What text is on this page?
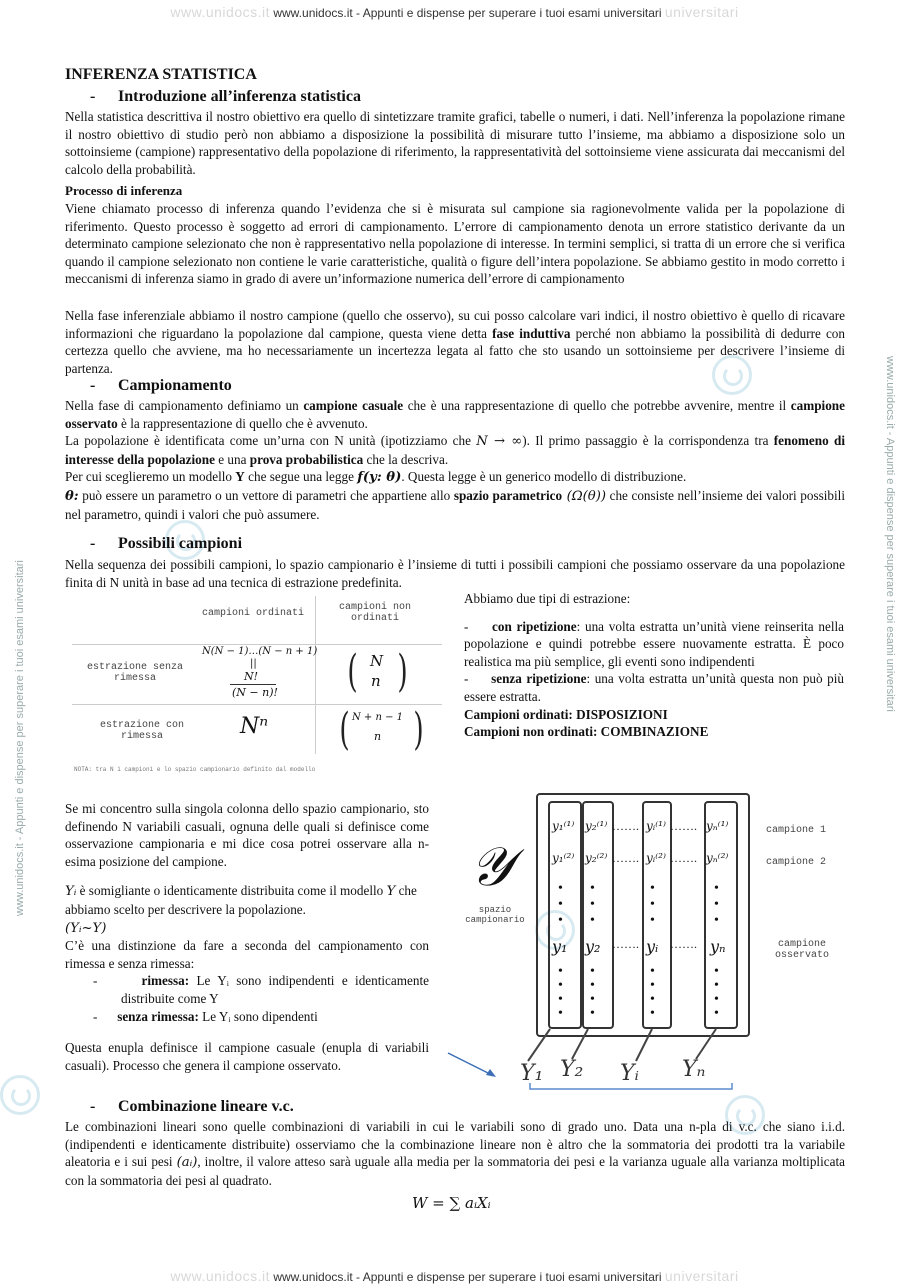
www.unidocs.it www.unidocs.it - Appunti e dispense per superare i tuoi esami universitari universitari
www.unidocs.it www.unidocs.it - Appunti e dispense per superare i tuoi esami universitari universitari
www.unidocs.it - Appunti e dispense per superare i tuoi esami universitari
www.unidocs.it - Appunti e dispense per superare i tuoi esami universitari
INFERENZA STATISTICA
- Introduzione all’inferenza statistica

Nella statistica descrittiva il nostro obiettivo era quello di sintetizzare tramite grafici, tabelle o numeri, i dati. Nell’inferenza la popolazione rimane il nostro obiettivo di studio però non abbiamo a disposizione la possibilità di misurare tutto l’insieme, ma abbiamo a disposizione solo un sottoinsieme (campione) rappresentativo della popolazione di riferimento, la rappresentatività del sottoinsieme viene assicurata dai meccanismi del calcolo della probabilità.

Processo di inferenza

Viene chiamato processo di inferenza quando l’evidenza che si è misurata sul campione sia ragionevolmente valida per la popolazione di riferimento. Questo processo è soggetto ad errori di campionamento. L’errore di campionamento denota un errore statistico derivante da un determinato campione selezionato che non è rappresentativo nella popolazione di interesse. In termini semplici, si tratta di un errore che si verifica quando il campione selezionato non contiene le varie caratteristiche, qualità o figure dell’intera popolazione. Se abbiamo gestito in modo corretto i meccanismi di inferenza siamo in grado di avere un’informazione numerica dell’errore di campionamento

Nella fase inferenziale abbiamo il nostro campione (quello che osservo), su cui posso calcolare vari indici, il nostro obiettivo è quello di ricavare informazioni che riguardano la popolazione dal campione, questa viene detta fase induttiva perché non abbiamo la possibilità di dedurre con certezza quello che avviene, ma ho necessariamente un incertezza legata al fatto che sto usando un sottoinsieme per descrivere l’insieme di partenza.

- Campionamento

Nella fase di campionamento definiamo un campione casuale che è una rappresentazione di quello che potrebbe avvenire, mentre il campione osservato è la rappresentazione di quello che è avvenuto.
La popolazione è identificata come un’urna con N unità (ipotizziamo che N → ∞). Il primo passaggio è la corrispondenza tra fenomeno di interesse della popolazione e una prova probabilistica che la descriva.
Per cui sceglieremo un modello Y che segue una legge f(y: θ). Questa legge è un generico modello di distribuzione.
θ: può essere un parametro o un vettore di parametri che appartiene allo spazio parametrico (Ω(θ)) che consiste nell’insieme dei valori possibili nel parametro, quindi i valori che può assumere.

- Possibili campioni

Nella sequenza dei possibili campioni, lo spazio campionario è l’insieme di tutti i possibili campioni che possiamo osservare da una popolazione finita di N unità in base ad una tecnica di estrazione predefinita.

campioni ordinati
campioni non ordinati
estrazione senza rimessa
estrazione con rimessa
N(N − 1)…(N − n + 1)
||
N!
(N − n)! ( )
N
n
Nⁿ ( )
N + n − 1
n
NOTA: tra N i campioni e lo spazio campionario definito dal modello

Abbiamo due tipi di estrazione:

-     con ripetizione: una volta estratta un’unità viene reinserita nella popolazione e quindi potrebbe essere nuovamente estratta. È poco realistica ma più semplice, gli eventi sono indipendenti

-     senza ripetizione: una volta estratta un’unità questa non può più essere estratta.

Campioni ordinati: DISPOSIZIONI

Campioni non ordinati: COMBINAZIONE

Se mi concentro sulla singola colonna dello spazio campionario, sto definendo N variabili casuali, ognuna delle quali si definisce come osservazione campionaria e mi dice cosa potrei osservare alla n-esima posizione del campione.

Yᵢ è somigliante o identicamente distribuita come il modello Y che abbiamo scelto per descrivere la popolazione.
(Yᵢ~Y)

C’è una distinzione da fare a seconda del campionamento con rimessa e senza rimessa:

-      rimessa: Le Yᵢ sono indipendenti e identicamente distribuite come Y

-      senza rimessa: Le Yᵢ sono dipendenti

Questa enupla definisce il campione casuale (enupla di variabili casuali). Processo che genera il campione osservato.

𝒴
spazio campionario
y₁⁽¹⁾ y₂⁽¹⁾ ……. yᵢ⁽¹⁾ ……. yₙ⁽¹⁾
y₁⁽²⁾ y₂⁽²⁾ ……. yᵢ⁽²⁾ ……. yₙ⁽²⁾
•
•
•
•
•
•
•
•
•
•
•
•
y₁ y₂ ……. yᵢ ……. yₙ
•
•
•
•
•
•
•
•
•
•
•
•
•
•
•
•
campione 1
campione 2
campione osservato
Y₁ Y₂ Yᵢ Yₙ
- Combinazione lineare v.c.

Le combinazioni lineari sono quelle combinazioni di variabili in cui le variabili sono di grado uno. Data una n-pla di v.c. che siano i.i.d. (indipendenti e identicamente distribuite) osserviamo che la combinazione lineare non è altro che la sommatoria dei prodotti tra la variabile aleatoria e i sui pesi (aᵢ), inoltre, il valore atteso sarà uguale alla media per la sommatoria dei pesi e la varianza uguale alla varianza moltiplicata con la sommatoria dei pesi al quadrato.

W = ∑ aᵢXᵢ
